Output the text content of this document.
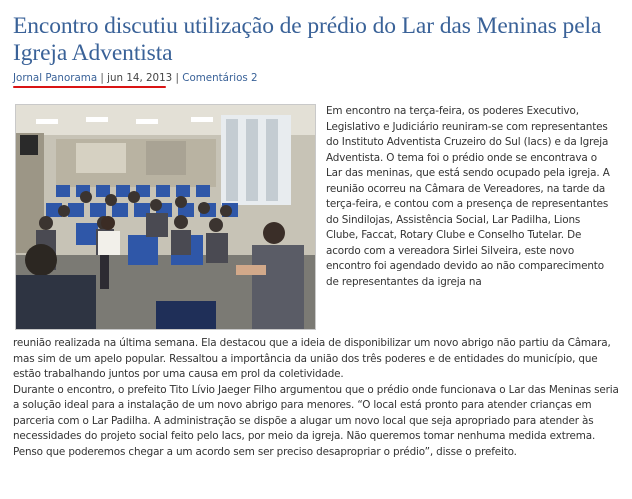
Encontro discutiu utilização de prédio do Lar das Meninas pela Igreja Adventista
Jornal Panorama | jun 14, 2013 | Comentários 2

Em encontro na terça-feira, os poderes Executivo, Legislativo e Judiciário reuniram-se com representantes do Instituto Adventista Cruzeiro do Sul (Iacs) e da Igreja Adventista. O tema foi o prédio onde se encontrava o Lar das meninas, que está sendo ocupado pela igreja. A reunião ocorreu na Câmara de Vereadores, na tarde da terça-feira, e contou com a presença de representantes do Sindilojas, Assistência Social, Lar Padilha, Lions Clube, Faccat, Rotary Clube e Conselho Tutelar. De acordo com a vereadora Sirlei Silveira, este novo encontro foi agendado devido ao não comparecimento de representantes da igreja na

reunião realizada na última semana. Ela destacou que a ideia de disponibilizar um novo abrigo não partiu da Câmara, mas sim de um apelo popular. Ressaltou a importância da união dos três poderes e de entidades do município, que estão trabalhando juntos por uma causa em prol da coletividade.

Durante o encontro, o prefeito Tito Lívio Jaeger Filho argumentou que o prédio onde funcionava o Lar das Meninas seria a solução ideal para a instalação de um novo abrigo para menores. “O local está pronto para atender crianças em parceria com o Lar Padilha. A administração se dispõe a alugar um novo local que seja apropriado para atender às necessidades do projeto social feito pelo Iacs, por meio da igreja. Não queremos tomar nenhuma medida extrema. Penso que poderemos chegar a um acordo sem ser preciso desapropriar o prédio”, disse o prefeito.
